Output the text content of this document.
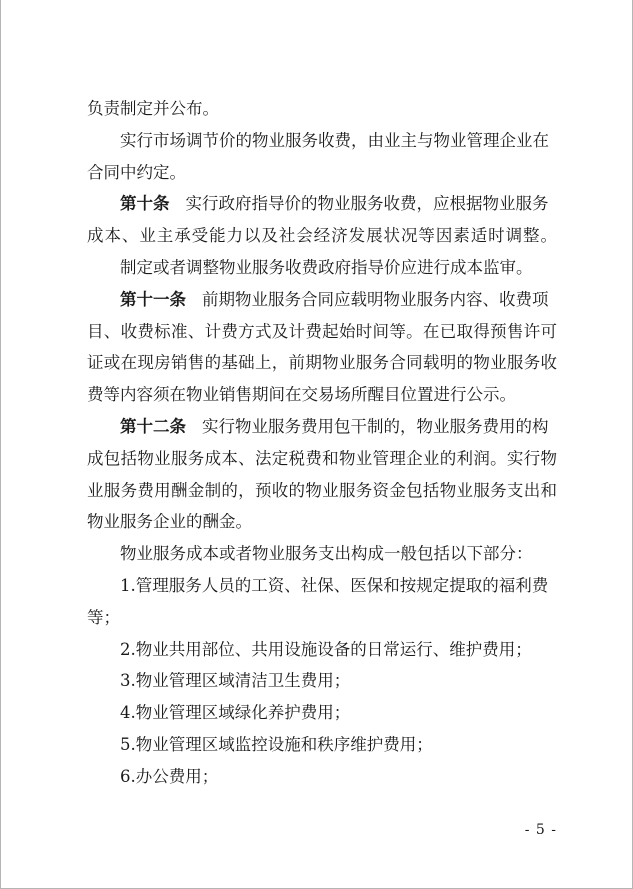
负责制定并公布。
实行市场调节价的物业服务收费，由业主与物业管理企业在
合同中约定。
第十条 实行政府指导价的物业服务收费，应根据物业服务
成本、业主承受能力以及社会经济发展状况等因素适时调整。
制定或者调整物业服务收费政府指导价应进行成本监审。
第十一条 前期物业服务合同应载明物业服务内容、收费项
目、收费标准、计费方式及计费起始时间等。在已取得预售许可
证或在现房销售的基础上，前期物业服务合同载明的物业服务收
费等内容须在物业销售期间在交易场所醒目位置进行公示。
第十二条 实行物业服务费用包干制的，物业服务费用的构
成包括物业服务成本、法定税费和物业管理企业的利润。实行物
业服务费用酬金制的，预收的物业服务资金包括物业服务支出和
物业服务企业的酬金。
物业服务成本或者物业服务支出构成一般包括以下部分：
1.管理服务人员的工资、社保、医保和按规定提取的福利费
等；
2.物业共用部位、共用设施设备的日常运行、维护费用；
3.物业管理区域清洁卫生费用；
4.物业管理区域绿化养护费用；
5.物业管理区域监控设施和秩序维护费用；
6.办公费用；
- 5 -
